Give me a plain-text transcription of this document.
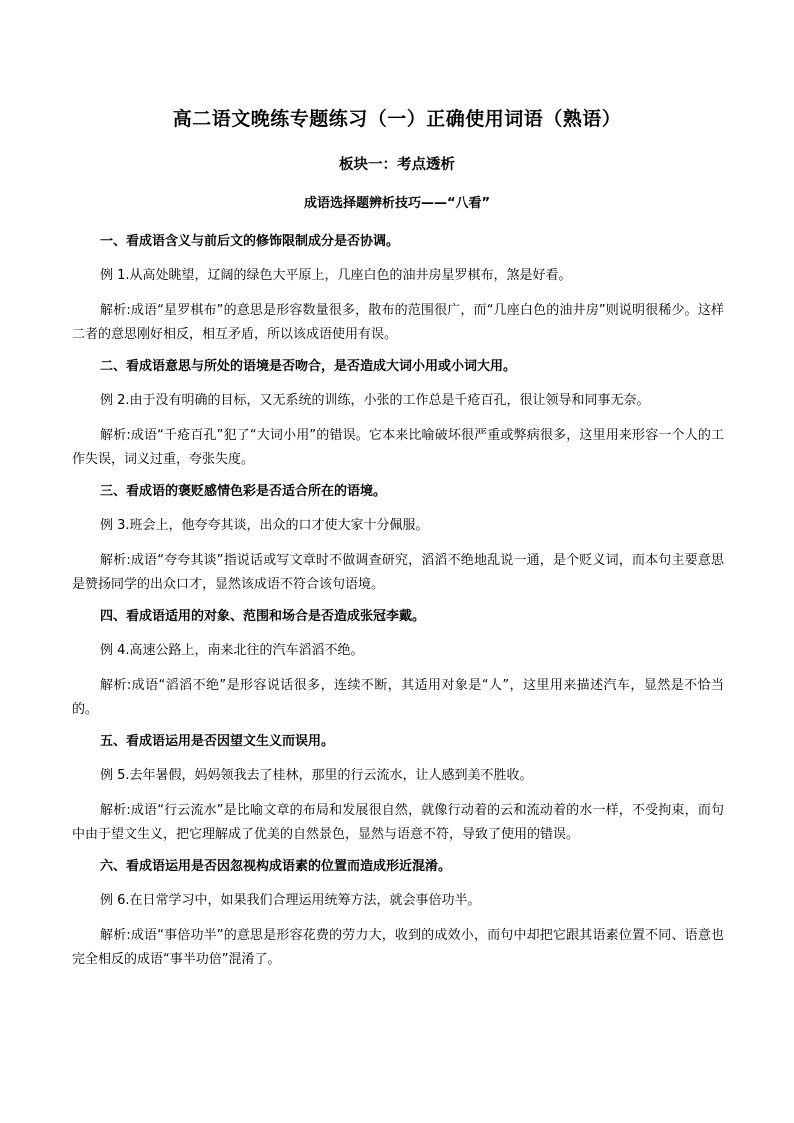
高二语文晚练专题练习（一）正确使用词语（熟语）
板块一：考点透析
成语选择题辨析技巧——“八看”
一、看成语含义与前后文的修饰限制成分是否协调。
例 1.从高处眺望，辽阔的绿色大平原上，几座白色的油井房星罗棋布，煞是好看。
解析:成语“星罗棋布”的意思是形容数量很多，散布的范围很广，而“几座白色的油井房”则说明很稀少。这样二者的意思刚好相反，相互矛盾，所以该成语使用有误。
二、看成语意思与所处的语境是否吻合，是否造成大词小用或小词大用。
例 2.由于没有明确的目标，又无系统的训练，小张的工作总是千疮百孔，很让领导和同事无奈。
解析:成语“千疮百孔”犯了“大词小用”的错误。它本来比喻破坏很严重或弊病很多，这里用来形容一个人的工作失误，词义过重，夸张失度。
三、看成语的褒贬感情色彩是否适合所在的语境。
例 3.班会上，他夸夸其谈，出众的口才使大家十分佩服。
解析:成语“夸夸其谈”指说话或写文章时不做调查研究，滔滔不绝地乱说一通，是个贬义词，而本句主要意思是赞扬同学的出众口才，显然该成语不符合该句语境。
四、看成语适用的对象、范围和场合是否造成张冠李戴。
例 4.高速公路上，南来北往的汽车滔滔不绝。
解析:成语“滔滔不绝”是形容说话很多，连续不断，其适用对象是“人”，这里用来描述汽车，显然是不恰当的。
五、看成语运用是否因望文生义而误用。
例 5.去年暑假，妈妈领我去了桂林，那里的行云流水，让人感到美不胜收。
解析:成语“行云流水”是比喻文章的布局和发展很自然，就像行动着的云和流动着的水一样，不受拘束，而句中由于望文生义，把它理解成了优美的自然景色，显然与语意不符，导致了使用的错误。
六、看成语运用是否因忽视构成语素的位置而造成形近混淆。
例 6.在日常学习中，如果我们合理运用统筹方法，就会事倍功半。
解析:成语“事倍功半”的意思是形容花费的劳力大，收到的成效小，而句中却把它跟其语素位置不同、语意也完全相反的成语“事半功倍”混淆了。
